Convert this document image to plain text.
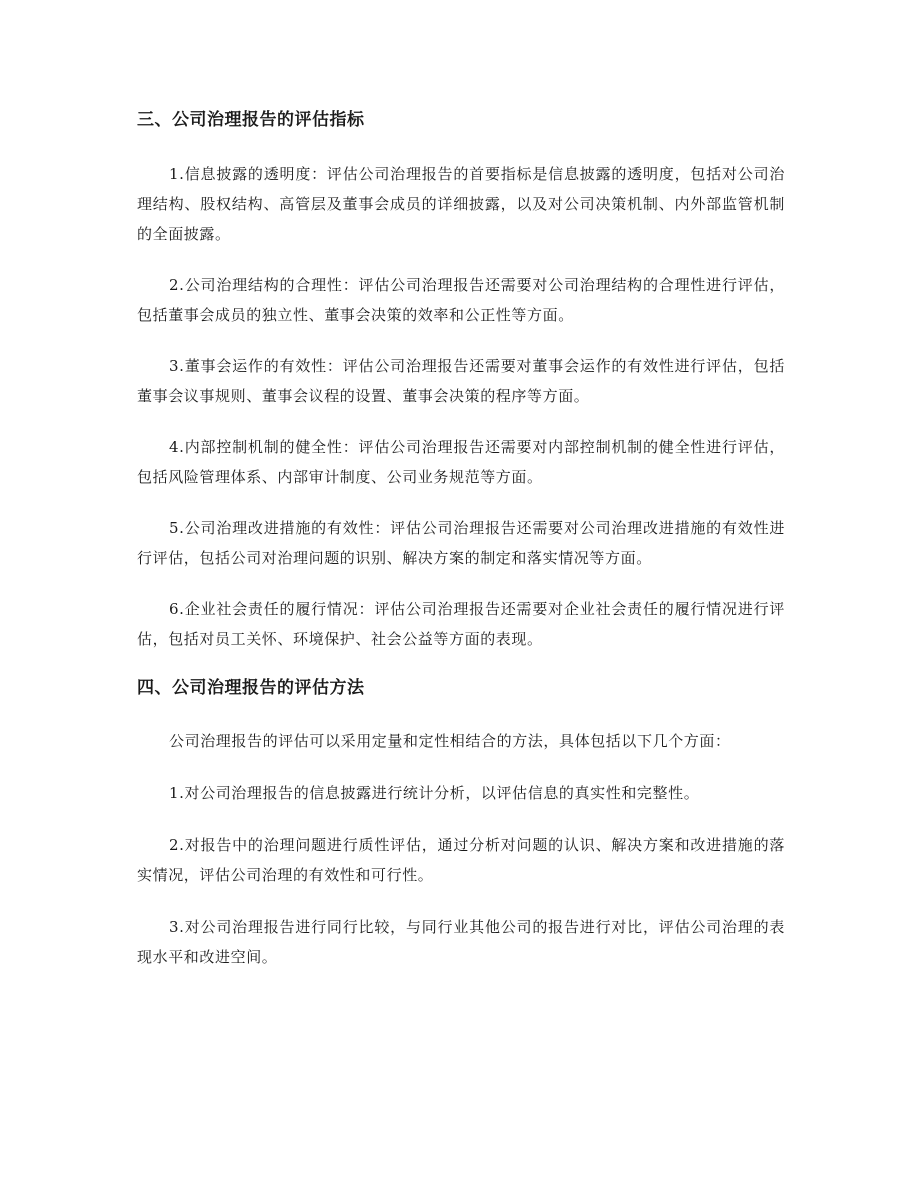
三、公司治理报告的评估指标

1.信息披露的透明度：评估公司治理报告的首要指标是信息披露的透明度，包括对公司治理结构、股权结构、高管层及董事会成员的详细披露，以及对公司决策机制、内外部监管机制的全面披露。

2.公司治理结构的合理性：评估公司治理报告还需要对公司治理结构的合理性进行评估，包括董事会成员的独立性、董事会决策的效率和公正性等方面。

3.董事会运作的有效性：评估公司治理报告还需要对董事会运作的有效性进行评估，包括董事会议事规则、董事会议程的设置、董事会决策的程序等方面。

4.内部控制机制的健全性：评估公司治理报告还需要对内部控制机制的健全性进行评估，包括风险管理体系、内部审计制度、公司业务规范等方面。

5.公司治理改进措施的有效性：评估公司治理报告还需要对公司治理改进措施的有效性进行评估，包括公司对治理问题的识别、解决方案的制定和落实情况等方面。

6.企业社会责任的履行情况：评估公司治理报告还需要对企业社会责任的履行情况进行评估，包括对员工关怀、环境保护、社会公益等方面的表现。

四、公司治理报告的评估方法

公司治理报告的评估可以采用定量和定性相结合的方法，具体包括以下几个方面：

1.对公司治理报告的信息披露进行统计分析，以评估信息的真实性和完整性。

2.对报告中的治理问题进行质性评估，通过分析对问题的认识、解决方案和改进措施的落实情况，评估公司治理的有效性和可行性。

3.对公司治理报告进行同行比较，与同行业其他公司的报告进行对比，评估公司治理的表现水平和改进空间。
